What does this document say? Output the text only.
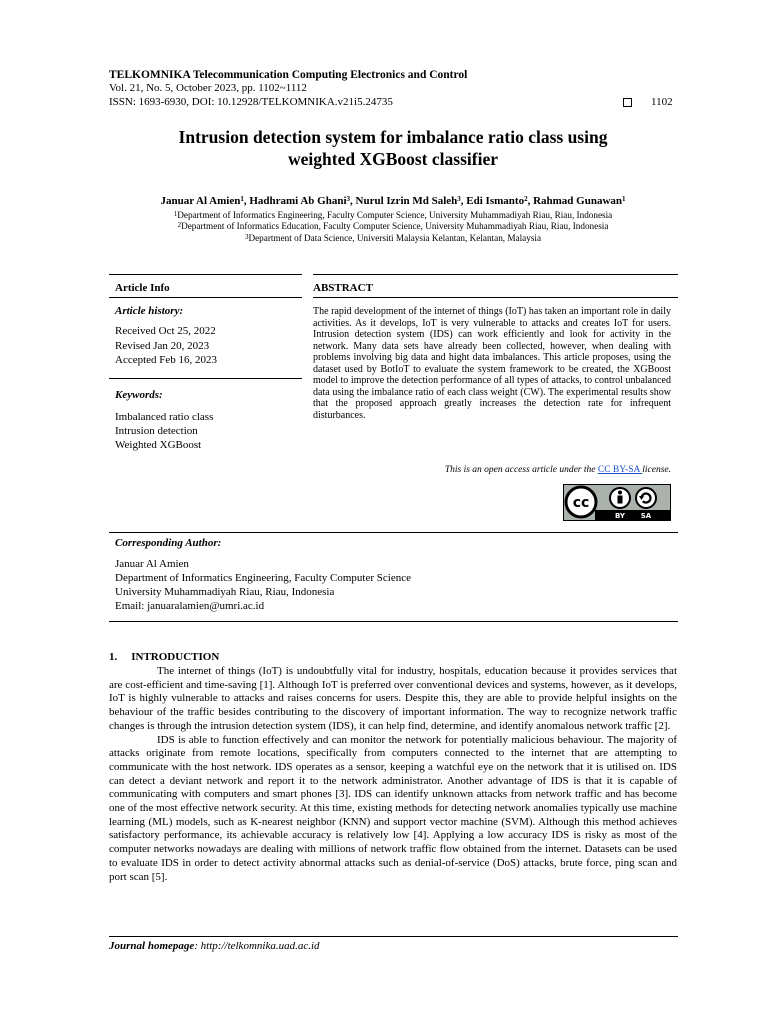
TELKOMNIKA Telecommunication Computing Electronics and Control
Vol. 21, No. 5, October 2023, pp. 1102~1112
ISSN: 1693-6930, DOI: 10.12928/TELKOMNIKA.v21i5.24735	1102
Intrusion detection system for imbalance ratio class using
weighted XGBoost classifier
Januar Al Amien$^1$, Hadhrami Ab Ghani$^3$, Nurul Izrin Md Saleh$^3$, Edi Ismanto$^2$, Rahmad Gunawan$^1$
$^1$Department of Informatics Engineering, Faculty Computer Science, University Muhammadiyah Riau, Riau, Indonesia
$^2$Department of Informatics Education, Faculty Computer Science, University Muhammadiyah Riau, Riau, Indonesia
$^3$Department of Data Science, Universiti Malaysia Kelantan, Kelantan, Malaysia
Article Info	ABSTRACT
Article history:
Received Oct 25, 2022
Revised Jan 20, 2023
Accepted Feb 16, 2023
Keywords:
Imbalanced ratio class
Intrusion detection
Weighted XGBoost
The rapid development of the internet of things (IoT) has taken an important role in daily activities. As it develops, IoT is very vulnerable to attacks and creates IoT for users. Intrusion detection system (IDS) can work efficiently and look for activity in the network. Many data sets have already been collected, however, when dealing with problems involving big data and hight data imbalances. This article proposes, using the dataset used by BotIoT to evaluate the system framework to be created, the XGBoost model to improve the detection performance of all types of attacks, to control unbalanced data using the imbalance ratio of each class weight (CW). The experimental results show that the proposed approach greatly increases the detection rate for infrequent disturbances.
This is an open access article under the CC BY-SA license.
cc
BY SA
Corresponding Author:
Januar Al Amien
Department of Informatics Engineering, Faculty Computer Science
University Muhammadiyah Riau, Riau, Indonesia
Email: januaralamien@umri.ac.id
1. INTRODUCTION

The internet of things (IoT) is undoubtfully vital for industry, hospitals, education because it provides services that are cost-efficient and time-saving [1]. Although IoT is preferred over conventional devices and systems, however, as it develops, IoT is highly vulnerable to attacks and raises concerns for users. Despite this, they are able to provide helpful insights on the behaviour of the traffic besides contributing to the discovery of important information. The way to recognize network traffic changes is through the intrusion detection system (IDS), it can help find, determine, and identify anomalous network traffic [2].

IDS is able to function effectively and can monitor the network for potentially malicious behaviour. The majority of attacks originate from remote locations, specifically from computers connected to the internet that are attempting to communicate with the host network. IDS operates as a sensor, keeping a watchful eye on the network that it is utilised on. IDS can detect a deviant network and report it to the network administrator. Another advantage of IDS is that it is capable of communicating with computers and smart phones [3]. IDS can identify unknown attacks from network traffic and has become one of the most effective network security. At this time, existing methods for detecting network anomalies typically use machine learning (ML) models, such as K-nearest neighbor (KNN) and support vector machine (SVM). Although this method achieves satisfactory performance, its achievable accuracy is relatively low [4]. Applying a low accuracy IDS is risky as most of the computer networks nowadays are dealing with millions of network traffic flow obtained from the internet. Datasets can be used to evaluate IDS in order to detect activity abnormal attacks such as denial-of-service (DoS) attacks, brute force, ping scan and port scan [5].

Journal homepage: http://telkomnika.uad.ac.id
